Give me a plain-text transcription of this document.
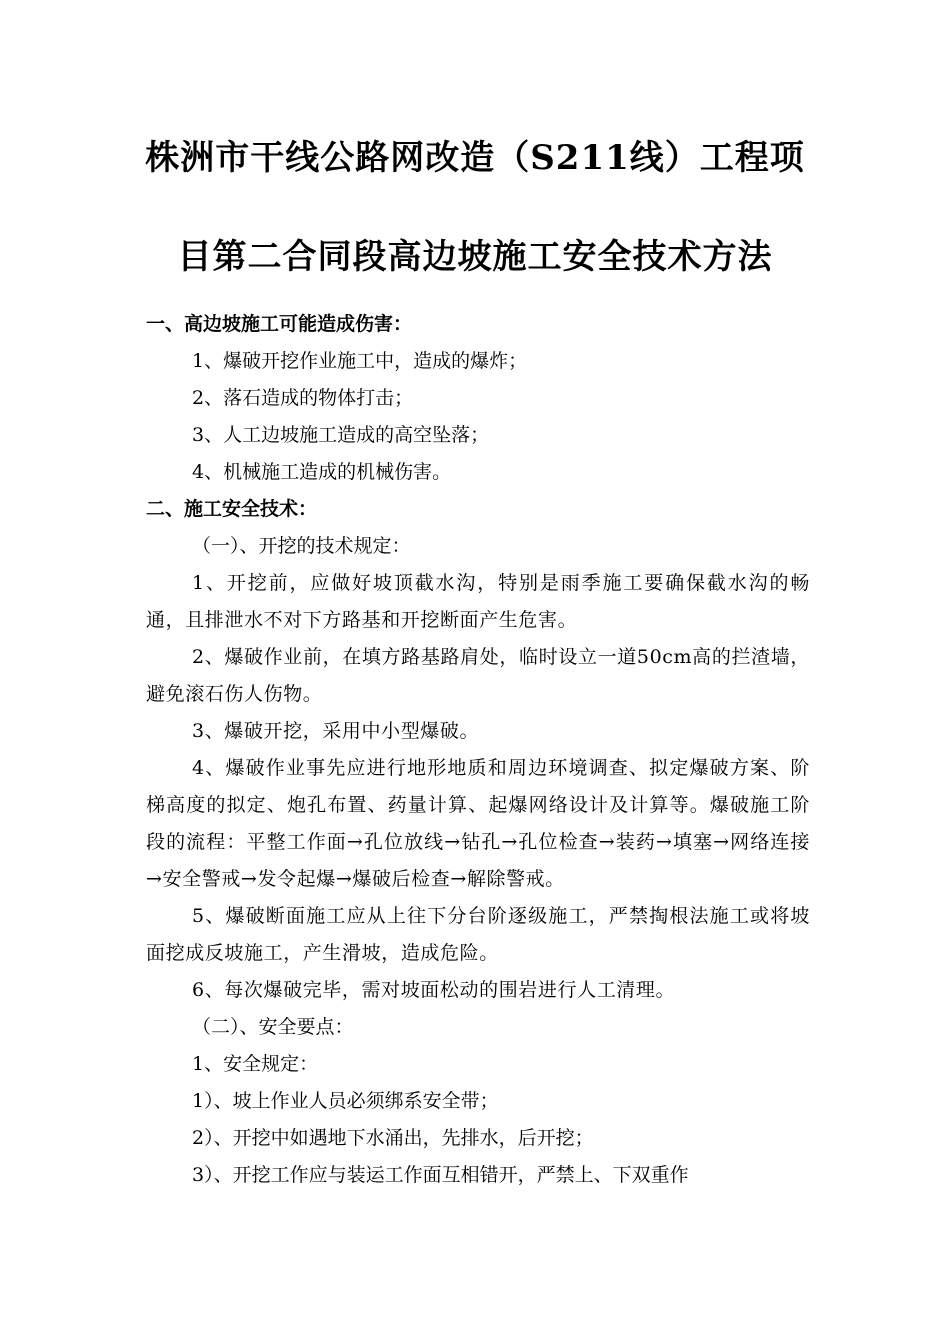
株洲市干线公路网改造（S211线）工程项
目第二合同段高边坡施工安全技术方法

一、高边坡施工可能造成伤害：

1、爆破开挖作业施工中，造成的爆炸；

2、落石造成的物体打击；

3、人工边坡施工造成的高空坠落；

4、机械施工造成的机械伤害。

二、施工安全技术：

（一）、开挖的技术规定：

1、开挖前，应做好坡顶截水沟，特别是雨季施工要确保截水沟的畅通，且排泄水不对下方路基和开挖断面产生危害。

2、爆破作业前，在填方路基路肩处，临时设立一道50cm高的拦渣墙，避免滚石伤人伤物。

3、爆破开挖，采用中小型爆破。

4、爆破作业事先应进行地形地质和周边环境调查、拟定爆破方案、阶梯高度的拟定、炮孔布置、药量计算、起爆网络设计及计算等。爆破施工阶段的流程：平整工作面→孔位放线→钻孔→孔位检查→装药→填塞→网络连接→安全警戒→发令起爆→爆破后检查→解除警戒。

5、爆破断面施工应从上往下分台阶逐级施工，严禁掏根法施工或将坡面挖成反坡施工，产生滑坡，造成危险。

6、每次爆破完毕，需对坡面松动的围岩进行人工清理。

（二）、安全要点：

1、安全规定：

1）、坡上作业人员必须绑系安全带；

2）、开挖中如遇地下水涌出，先排水，后开挖；

3）、开挖工作应与装运工作面互相错开，严禁上、下双重作
